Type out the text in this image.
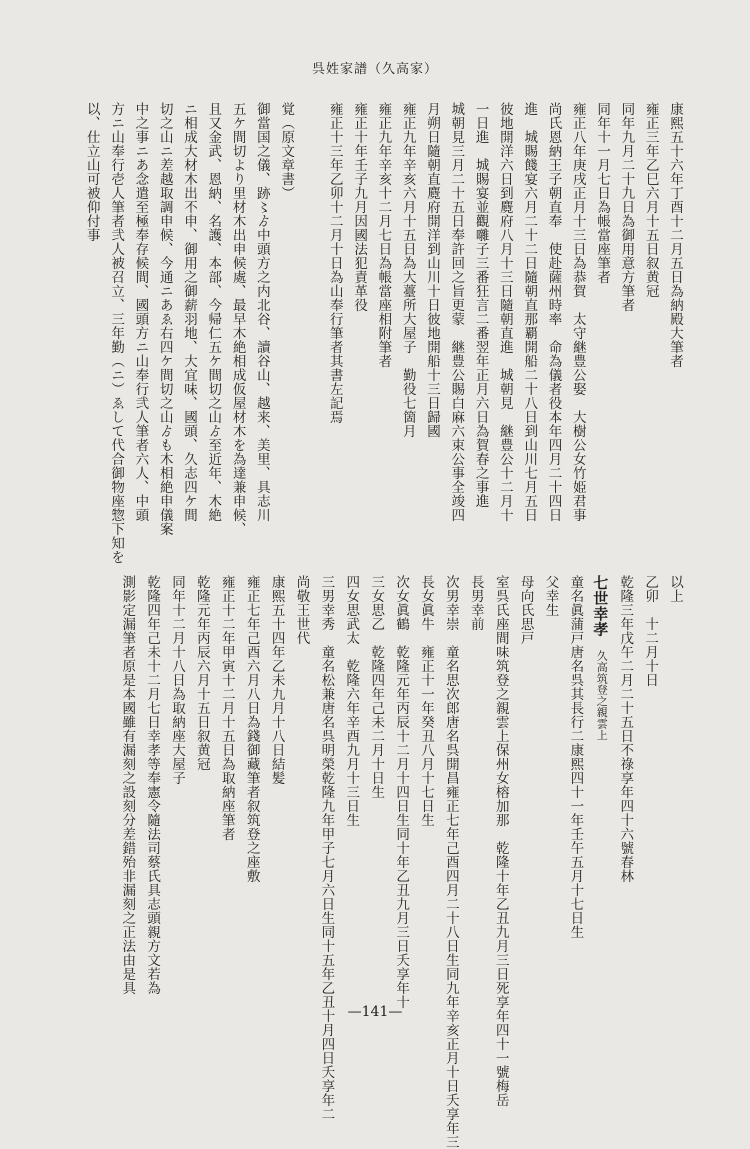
呉姓家譜（久高家）
康熙五十六年丁酉十二月五日為納殿大筆者
雍正三年乙巳六月十五日叙黄冠
同年九月二十九日為御用意方筆者
同年十一月七日為帳當座筆者
雍正八年庚戌正月十三日為恭賀　太守継豊公娶　大樹公女竹姫君事
尚氏恩納王子朝直奉　使赴薩州時率　命為儀者役本年四月二十四日
進　城賜餞宴六月二十二日隨朝直那覇開船二十八日到山川七月五日
彼地開洋六日到麑府八月十三日隨朝直進　城朝見　継豊公十二月十
一日進　城賜宴並觀囃子三番狂言二番翌年正月六日為賀春之事進
城朝見三月二十五日奉許回之旨更蒙　継豊公賜白麻六束公事全竣四
月朔日隨朝直麑府開洋到山川十日彼地開船十三日歸國
雍正九年辛亥六月十五日為大薹所大屋子　勤役七箇月
雍正九年辛亥十二月七日為帳當座相附筆者
雍正十年壬子九月因國法犯責革役
雍正十三年乙卯十二月十日為山奉行筆者其書左記焉
覚（原文章書）
御當国之儀、跡〻ゟ中頭方之内北谷、讀谷山、越来、美里、具志川
五ケ間切より里材木出申候處、最早木絶相成仮屋材木を為達兼申候、
且又金武、恩納、名護、本部、今帰仁五ケ間切之山ゟ至近年、木絶
ニ相成大材木出不申、御用之御薪羽地、大宜味、國頭、久志四ケ間
切之山ニ差越取調申候、今通ニあゑ右四ケ間切之山ゟも木相絶申儀案
中之事ニあ念遣至極奉存候間、國頭方ニ山奉行弐人筆者六人、中頭
方ニ山奉行壱人筆者弐人被召立、三年勤（ニ）ゑして代合御物座惣下知を
以、仕立山可被仰付事
以上
乙卯　十二月十日
乾隆三年戊午二月二十五日不祿享年四十六號春林
童名眞蒲戸唐名呉其長行二康熙四十一年壬午五月十七日生
父幸生
母向氏思戸
室呉氏座間味筑登之親雲上保州女榕加那　乾隆十年乙丑九月三日死享年四十一號梅岳
長男幸前
次男幸崇　童名思次郎唐名呉開昌雍正七年己酉四月二十八日生同九年辛亥正月十日夭享年三
長女眞牛　雍正十一年癸丑八月十七日生
次女眞鶴　乾隆元年丙辰十二月十四日生同十年乙丑九月三日夭享年十
三女思乙　乾隆四年己未二月十日生
四女思武太　乾隆六年辛酉九月十三日生
三男幸秀　童名松兼唐名呉明榮乾隆九年甲子七月六日生同十五年乙丑十月四日夭享年二
尚敬王世代
康熙五十四年乙未九月十八日結髪
雍正七年己酉六月八日為錢御藏筆者叙筑登之座敷
雍正十二年甲寅十二月十五日為取納座筆者
乾隆元年丙辰六月十五日叙黄冠
同年十二月十八日為取納座大屋子
乾隆四年己未十二月七日幸孝等奉憲令隨法司蔡氏具志頭親方文若為
測影定漏筆者原是本國雖有漏刻之設刻分差錯殆非漏刻之正法由是具	七世幸孝
久高筑登之親雲上
—141—
